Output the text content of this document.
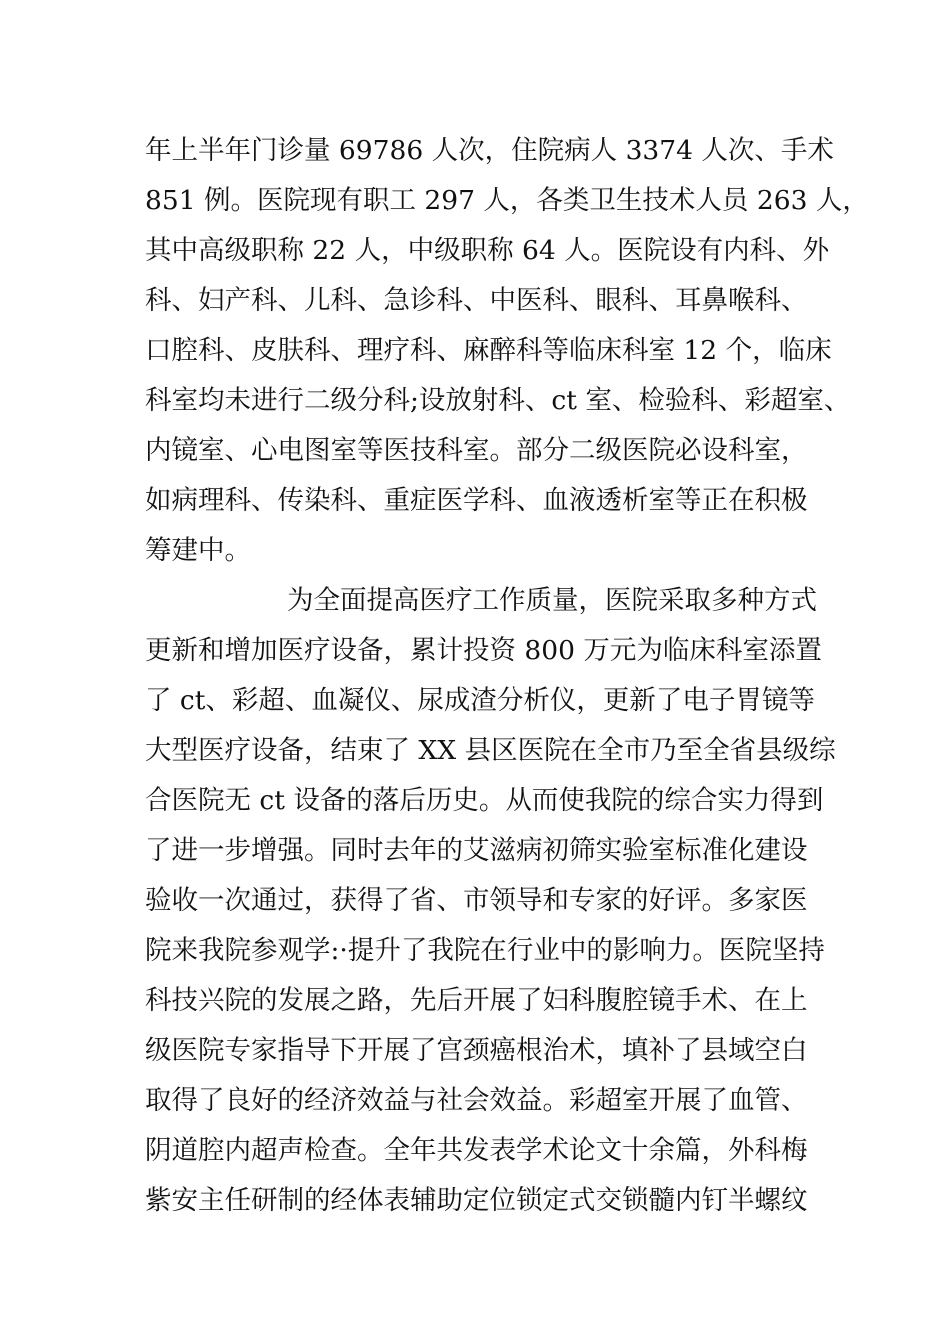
年上半年门诊量 69786 人次，住院病人 3374 人次、手术
851 例。医院现有职工 297 人，各类卫生技术人员 263 人，
其中高级职称 22 人，中级职称 64 人。医院设有内科、外
科、妇产科、儿科、急诊科、中医科、眼科、耳鼻喉科、
口腔科、皮肤科、理疗科、麻醉科等临床科室 12 个，临床
科室均未进行二级分科;设放射科、ct 室、检验科、彩超室、
内镜室、心电图室等医技科室。部分二级医院必设科室，
如病理科、传染科、重症医学科、血液透析室等正在积极
筹建中。
为全面提高医疗工作质量，医院采取多种方式
更新和增加医疗设备，累计投资 800 万元为临床科室添置
了 ct、彩超、血凝仪、尿成渣分析仪，更新了电子胃镜等
大型医疗设备，结束了 XX 县区医院在全市乃至全省县级综
合医院无 ct 设备的落后历史。从而使我院的综合实力得到
了进一步增强。同时去年的艾滋病初筛实验室标准化建设
验收一次通过，获得了省、市领导和专家的好评。多家医
院来我院参观学:·提升了我院在行业中的影响力。医院坚持
科技兴院的发展之路，先后开展了妇科腹腔镜手术、在上
级医院专家指导下开展了宫颈癌根治术，填补了县域空白
取得了良好的经济效益与社会效益。彩超室开展了血管、
阴道腔内超声检查。全年共发表学术论文十余篇，外科梅
紫安主任研制的经体表辅助定位锁定式交锁髓内钉半螺纹
